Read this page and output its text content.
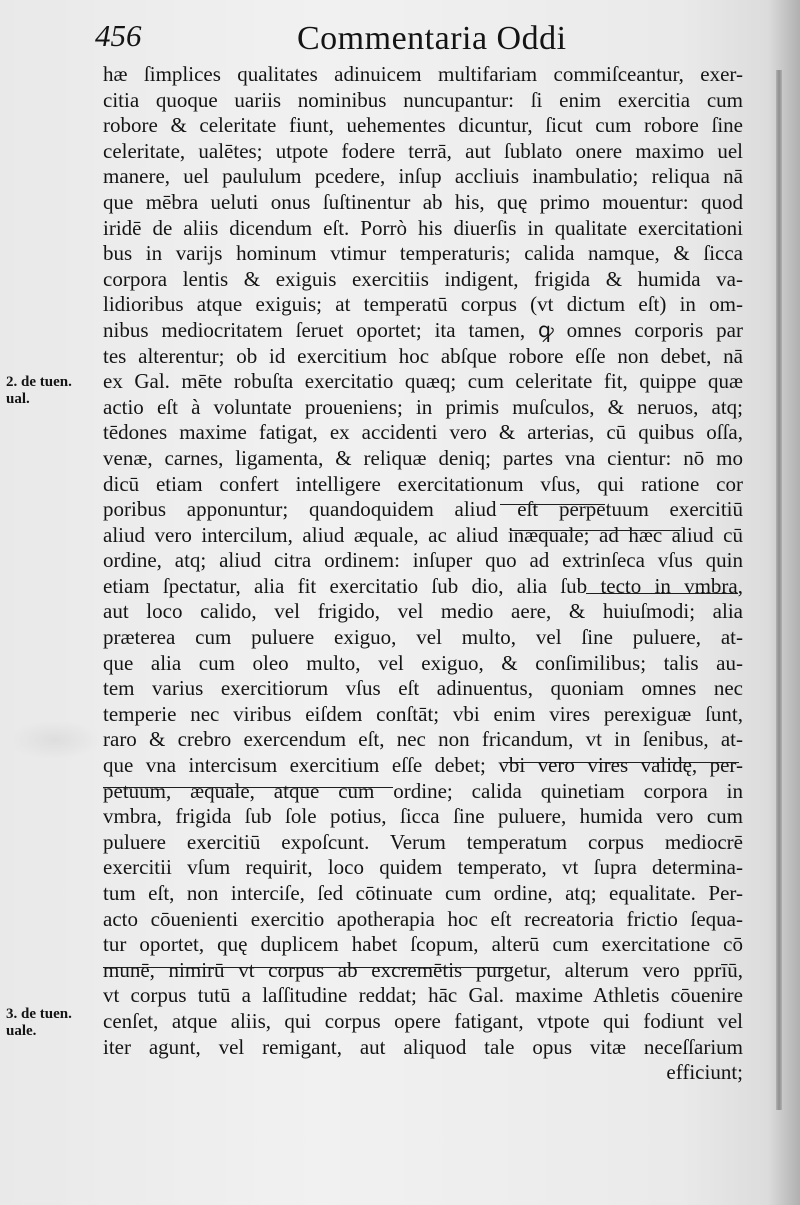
456	Commentaria Oddi
2. de tuen. ual.
3. de tuen. uale.
hæ ſimplices qualitates adinuicem multifariam commiſceantur, exer-
citia quoque uariis nominibus nuncupantur: ſi enim exercitia cum
robore & celeritate fiunt, uehementes dicuntur, ſicut cum robore ſine
celeritate, ualētes; utpote fodere terrā, aut ſublato onere maximo uel
manere, uel paululum pcedere, inſup accliuis inambulatio; reliqua nā
que mēbra ueluti onus ſuſtinentur ab his, quę primo mouentur: quod
iridē de aliis dicendum eſt. Porrò his diuerſis in qualitate exercitationi
bus in varijs hominum vtimur temperaturis; calida namque, & ſicca
corpora lentis & exiguis exercitiis indigent, frigida & humida va-
lidioribus atque exiguis; at temperatū corpus (vt dictum eſt) in om-
nibus mediocritatem ſeruet oportet; ita tamen, ꝙ omnes corporis par
tes alterentur; ob id exercitium hoc abſque robore eſſe non debet, nā
ex Gal. mēte robuſta exercitatio quæq; cum celeritate fit, quippe quæ
actio eſt à voluntate proueniens; in primis muſculos, & neruos, atq;
tēdones maxime fatigat, ex accidenti vero & arterias, cū quibus oſſa,
venæ, carnes, ligamenta, & reliquæ deniq; partes vna cientur: nō mo
dicū etiam confert intelligere exercitationum vſus, qui ratione cor
poribus apponuntur; quandoquidem aliud eſt perpetuum exercitiū
aliud vero intercilum, aliud æquale, ac aliud inæquale; ad hæc aliud cū
ordine, atq; aliud citra ordinem: inſuper quo ad extrinſeca vſus quin
etiam ſpectatur, alia fit exercitatio ſub dio, alia ſub tecto in vmbra,
aut loco calido, vel frigido, vel medio aere, & huiuſmodi; alia
præterea cum puluere exiguo, vel multo, vel ſine puluere, at-
que alia cum oleo multo, vel exiguo, & conſimilibus; talis au-
tem varius exercitiorum vſus eſt adinuentus, quoniam omnes nec
temperie nec viribus eiſdem conſtāt; vbi enim vires perexiguæ ſunt,
raro & crebro exercendum eſt, nec non fricandum, vt in ſenibus, at-
que vna intercisum exercitium eſſe debet; vbi vero vires validę, per-
petuum, æquale, atque cum ordine; calida quinetiam corpora in
vmbra, frigida ſub ſole potius, ſicca ſine puluere, humida vero cum
puluere exercitiū expoſcunt. Verum temperatum corpus mediocrē
exercitii vſum requirit, loco quidem temperato, vt ſupra determina-
tum eſt, non interciſe, ſed cōtinuate cum ordine, atq; equalitate. Per-
acto cōuenienti exercitio apotherapia hoc eſt recreatoria frictio ſequa-
tur oportet, quę duplicem habet ſcopum, alterū cum exercitatione cō
munē, nimirū vt corpus ab excremētis purgetur, alterum vero pprīū,
vt corpus tutū a laſſitudine reddat; hāc Gal. maxime Athletis cōuenire
cenſet, atque aliis, qui corpus opere fatigant, vtpote qui fodiunt vel
iter agunt, vel remigant, aut aliquod tale opus vitæ neceſſarium
efficiunt;
